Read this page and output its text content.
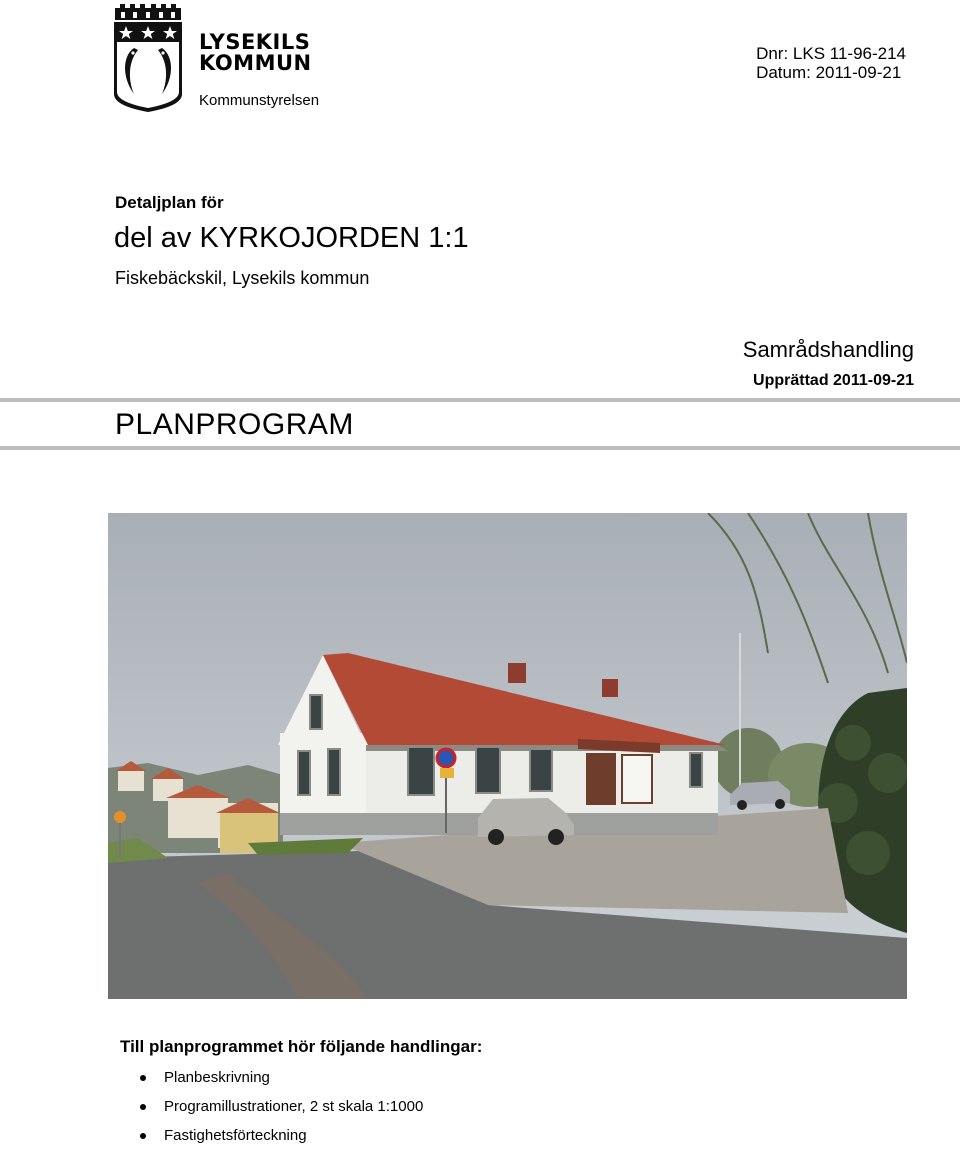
LYSEKILS
KOMMUN
Kommunstyrelsen
Dnr: LKS 11-96-214
Datum: 2011-09-21
Detaljplan för
del av KYRKOJORDEN 1:1
Fiskebäckskil, Lysekils kommun
Samrådshandling
Upprättad 2011-09-21
PLANPROGRAM
Till planprogrammet hör följande handlingar:
Planbeskrivning
Programillustrationer, 2 st skala 1:1000
Fastighetsförteckning
